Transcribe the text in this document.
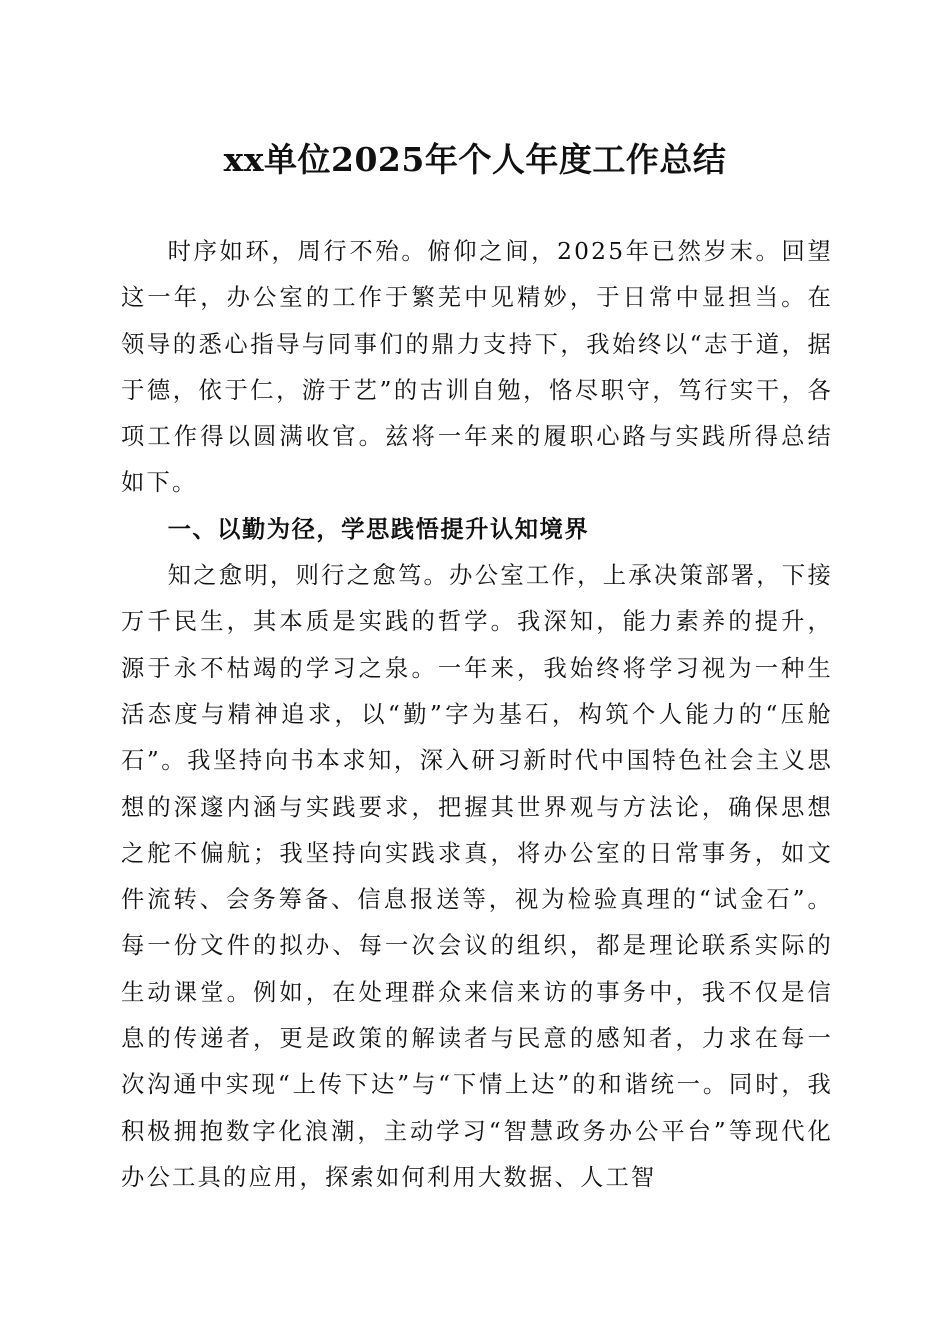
xx单位2025年个人年度工作总结

时序如环，周行不殆。俯仰之间，2025年已然岁末。回望这一年，办公室的工作于繁芜中见精妙，于日常中显担当。在领导的悉心指导与同事们的鼎力支持下，我始终以“志于道，据于德，依于仁，游于艺”的古训自勉，恪尽职守，笃行实干，各项工作得以圆满收官。兹将一年来的履职心路与实践所得总结如下。

一、以勤为径，学思践悟提升认知境界

知之愈明，则行之愈笃。办公室工作，上承决策部署，下接万千民生，其本质是实践的哲学。我深知，能力素养的提升，源于永不枯竭的学习之泉。一年来，我始终将学习视为一种生活态度与精神追求，以“勤”字为基石，构筑个人能力的“压舱石”。我坚持向书本求知，深入研习新时代中国特色社会主义思想的深邃内涵与实践要求，把握其世界观与方法论，确保思想之舵不偏航；我坚持向实践求真，将办公室的日常事务，如文件流转、会务筹备、信息报送等，视为检验真理的“试金石”。每一份文件的拟办、每一次会议的组织，都是理论联系实际的生动课堂。例如，在处理群众来信来访的事务中，我不仅是信息的传递者，更是政策的解读者与民意的感知者，力求在每一次沟通中实现“上传下达”与“下情上达”的和谐统一。同时，我积极拥抱数字化浪潮，主动学习“智慧政务办公平台”等现代化办公工具的应用，探索如何利用大数据、人工智
